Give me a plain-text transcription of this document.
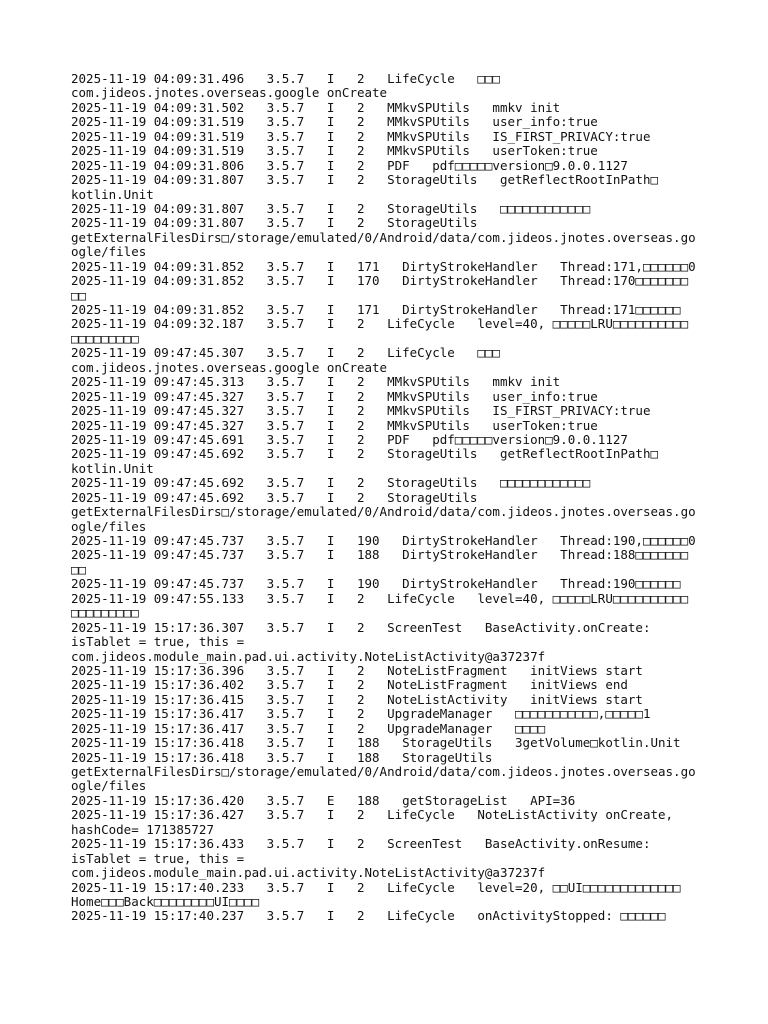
2025-11-19 04:09:31.496   3.5.7   I   2   LifeCycle   □□□
com.jideos.jnotes.overseas.google onCreate
2025-11-19 04:09:31.502   3.5.7   I   2   MMkvSPUtils   mmkv init
2025-11-19 04:09:31.519   3.5.7   I   2   MMkvSPUtils   user_info:true
2025-11-19 04:09:31.519   3.5.7   I   2   MMkvSPUtils   IS_FIRST_PRIVACY:true
2025-11-19 04:09:31.519   3.5.7   I   2   MMkvSPUtils   userToken:true
2025-11-19 04:09:31.806   3.5.7   I   2   PDF   pdf□□□□□version□9.0.0.1127
2025-11-19 04:09:31.807   3.5.7   I   2   StorageUtils   getReflectRootInPath□
kotlin.Unit
2025-11-19 04:09:31.807   3.5.7   I   2   StorageUtils   □□□□□□□□□□□□
2025-11-19 04:09:31.807   3.5.7   I   2   StorageUtils
getExternalFilesDirs□/storage/emulated/0/Android/data/com.jideos.jnotes.overseas.go
ogle/files
2025-11-19 04:09:31.852   3.5.7   I   171   DirtyStrokeHandler   Thread:171,□□□□□□0
2025-11-19 04:09:31.852   3.5.7   I   170   DirtyStrokeHandler   Thread:170□□□□□□□
□□
2025-11-19 04:09:31.852   3.5.7   I   171   DirtyStrokeHandler   Thread:171□□□□□□
2025-11-19 04:09:32.187   3.5.7   I   2   LifeCycle   level=40, □□□□□LRU□□□□□□□□□□
□□□□□□□□□
2025-11-19 09:47:45.307   3.5.7   I   2   LifeCycle   □□□
com.jideos.jnotes.overseas.google onCreate
2025-11-19 09:47:45.313   3.5.7   I   2   MMkvSPUtils   mmkv init
2025-11-19 09:47:45.327   3.5.7   I   2   MMkvSPUtils   user_info:true
2025-11-19 09:47:45.327   3.5.7   I   2   MMkvSPUtils   IS_FIRST_PRIVACY:true
2025-11-19 09:47:45.327   3.5.7   I   2   MMkvSPUtils   userToken:true
2025-11-19 09:47:45.691   3.5.7   I   2   PDF   pdf□□□□□version□9.0.0.1127
2025-11-19 09:47:45.692   3.5.7   I   2   StorageUtils   getReflectRootInPath□
kotlin.Unit
2025-11-19 09:47:45.692   3.5.7   I   2   StorageUtils   □□□□□□□□□□□□
2025-11-19 09:47:45.692   3.5.7   I   2   StorageUtils
getExternalFilesDirs□/storage/emulated/0/Android/data/com.jideos.jnotes.overseas.go
ogle/files
2025-11-19 09:47:45.737   3.5.7   I   190   DirtyStrokeHandler   Thread:190,□□□□□□0
2025-11-19 09:47:45.737   3.5.7   I   188   DirtyStrokeHandler   Thread:188□□□□□□□
□□
2025-11-19 09:47:45.737   3.5.7   I   190   DirtyStrokeHandler   Thread:190□□□□□□
2025-11-19 09:47:55.133   3.5.7   I   2   LifeCycle   level=40, □□□□□LRU□□□□□□□□□□
□□□□□□□□□
2025-11-19 15:17:36.307   3.5.7   I   2   ScreenTest   BaseActivity.onCreate:
isTablet = true, this =
com.jideos.module_main.pad.ui.activity.NoteListActivity@a37237f
2025-11-19 15:17:36.396   3.5.7   I   2   NoteListFragment   initViews start
2025-11-19 15:17:36.402   3.5.7   I   2   NoteListFragment   initViews end
2025-11-19 15:17:36.415   3.5.7   I   2   NoteListActivity   initViews start
2025-11-19 15:17:36.417   3.5.7   I   2   UpgradeManager   □□□□□□□□□□□,□□□□□1
2025-11-19 15:17:36.417   3.5.7   I   2   UpgradeManager   □□□□
2025-11-19 15:17:36.418   3.5.7   I   188   StorageUtils   3getVolume□kotlin.Unit
2025-11-19 15:17:36.418   3.5.7   I   188   StorageUtils
getExternalFilesDirs□/storage/emulated/0/Android/data/com.jideos.jnotes.overseas.go
ogle/files
2025-11-19 15:17:36.420   3.5.7   E   188   getStorageList   API=36
2025-11-19 15:17:36.427   3.5.7   I   2   LifeCycle   NoteListActivity onCreate,
hashCode= 171385727
2025-11-19 15:17:36.433   3.5.7   I   2   ScreenTest   BaseActivity.onResume:
isTablet = true, this =
com.jideos.module_main.pad.ui.activity.NoteListActivity@a37237f
2025-11-19 15:17:40.233   3.5.7   I   2   LifeCycle   level=20, □□UI□□□□□□□□□□□□□
Home□□□Back□□□□□□□□UI□□□□
2025-11-19 15:17:40.237   3.5.7   I   2   LifeCycle   onActivityStopped: □□□□□□
